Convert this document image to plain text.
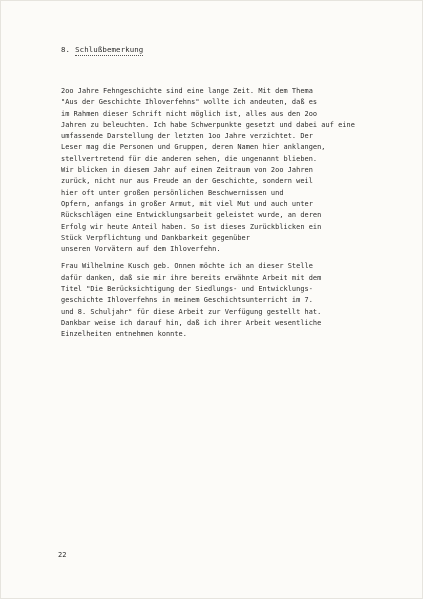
8. Schlußbemerkung

2oo Jahre Fehngeschichte sind eine lange Zeit. Mit dem Thema
"Aus der Geschichte Ihloverfehns" wollte ich andeuten, daß es
im Rahmen dieser Schrift nicht möglich ist, alles aus den 2oo
Jahren zu beleuchten. Ich habe Schwerpunkte gesetzt und dabei auf eine
umfassende Darstellung der letzten 1oo Jahre verzichtet. Der
Leser mag die Personen und Gruppen, deren Namen hier anklangen,
stellvertretend für die anderen sehen, die ungenannt blieben.

Wir blicken in diesem Jahr auf einen Zeitraum von 2oo Jahren
zurück, nicht nur aus Freude an der Geschichte, sondern weil
hier oft unter großen persönlichen Beschwernissen und
Opfern, anfangs in großer Armut, mit viel Mut und auch unter
Rückschlägen eine Entwicklungsarbeit geleistet wurde, an deren
Erfolg wir heute Anteil haben. So ist dieses Zurückblicken ein
Stück Verpflichtung und Dankbarkeit gegenüber
unseren Vorvätern auf dem Ihloverfehn.

Frau Wilhelmine Kusch geb. Onnen möchte ich an dieser Stelle
dafür danken, daß sie mir ihre bereits erwähnte Arbeit mit dem
Titel "Die Berücksichtigung der Siedlungs- und Entwicklungs-
geschichte Ihloverfehns in meinem Geschichtsunterricht im 7.
und 8. Schuljahr" für diese Arbeit zur Verfügung gestellt hat.
Dankbar weise ich darauf hin, daß ich ihrer Arbeit wesentliche
Einzelheiten entnehmen konnte.

22
